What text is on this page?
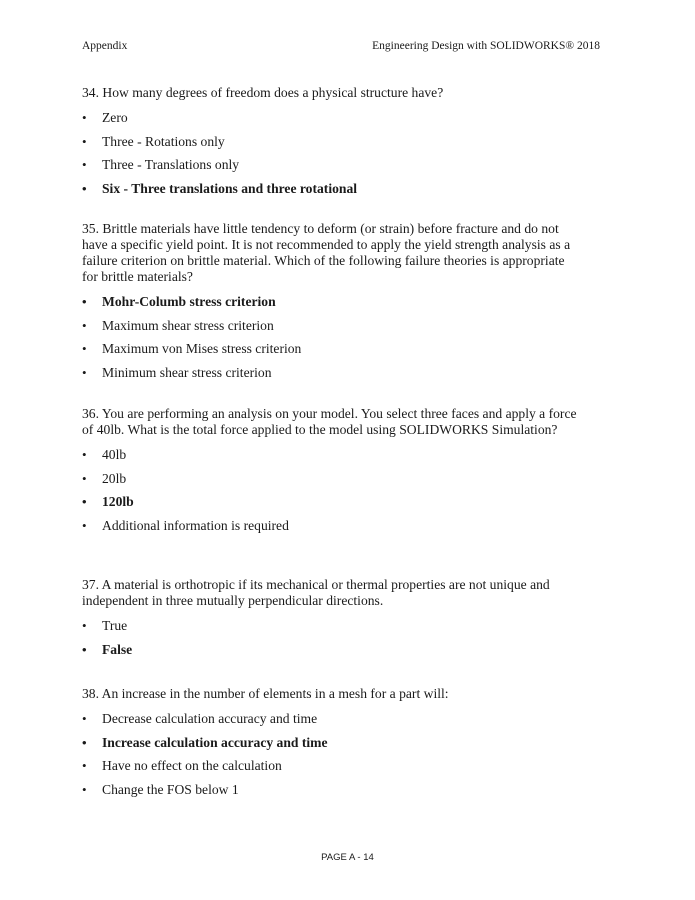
Appendix	Engineering Design with SOLIDWORKS® 2018

34. How many degrees of freedom does a physical structure have?

• Zero
• Three - Rotations only
• Three - Translations only
• Six - Three translations and three rotational

35. Brittle materials have little tendency to deform (or strain) before fracture and do not have a specific yield point. It is not recommended to apply the yield strength analysis as a failure criterion on brittle material. Which of the following failure theories is appropriate for brittle materials?

• Mohr-Columb stress criterion
• Maximum shear stress criterion
• Maximum von Mises stress criterion
• Minimum shear stress criterion

36. You are performing an analysis on your model. You select three faces and apply a force of 40lb. What is the total force applied to the model using SOLIDWORKS Simulation?

• 40lb
• 20lb
• 120lb
• Additional information is required

37. A material is orthotropic if its mechanical or thermal properties are not unique and independent in three mutually perpendicular directions.

• True
• False

38. An increase in the number of elements in a mesh for a part will:

• Decrease calculation accuracy and time
• Increase calculation accuracy and time
• Have no effect on the calculation
• Change the FOS below 1
PAGE A - 14
